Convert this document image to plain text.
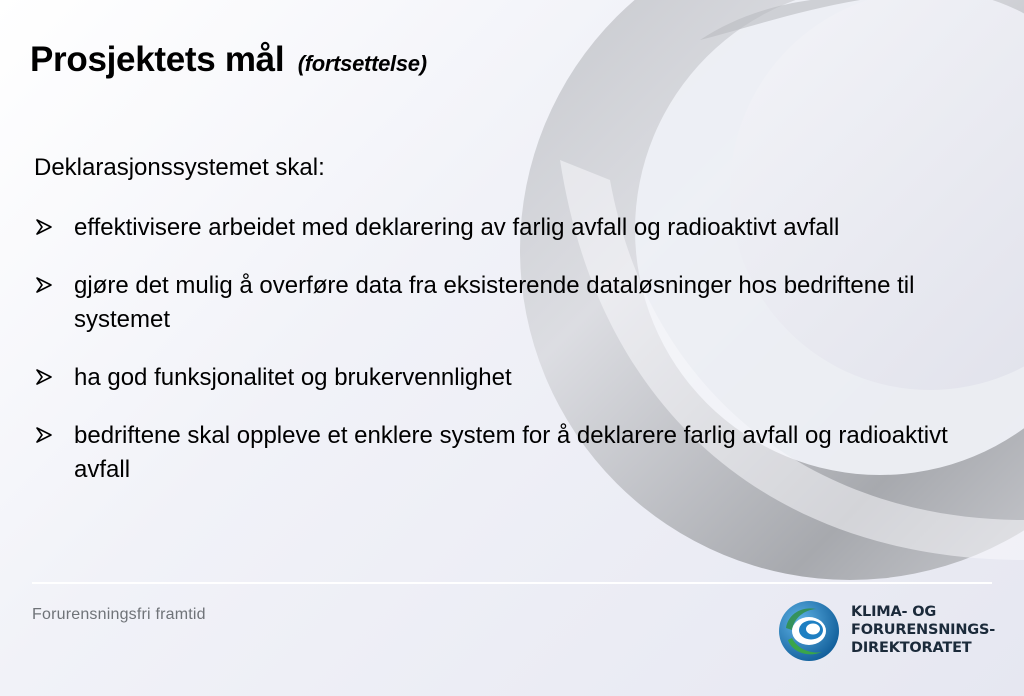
Prosjektets mål (fortsettelse)

Deklarasjonssystemet skal:

effektivisere arbeidet med deklarering av farlig avfall og radioaktivt avfall
gjøre det mulig å overføre data fra eksisterende dataløsninger hos bedriftene til systemet
ha god funksjonalitet og brukervennlighet
bedriftene skal oppleve et enklere system for å deklarere farlig avfall og radioaktivt avfall
Forurensningsfri framtid	KLIMA- OG
FORURENSNINGS-
DIREKTORATET
